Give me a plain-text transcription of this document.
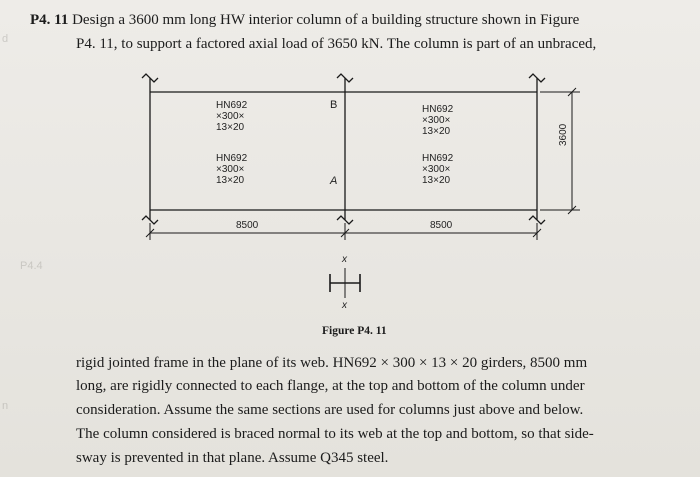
d
P4.4
n
P4. 11 Design a 3600 mm long HW interior column of a building structure shown in Figure
P4. 11, to support a factored axial load of 3650 kN. The column is part of an unbraced,
HN692
×300×
13×20
HN692
×300×
13×20
HN692
×300×
13×20
HN692
×300×
13×20
B
A
8500	8500
3600
x
x
Figure P4. 11
rigid jointed frame in the plane of its web. HN692 × 300 × 13 × 20 girders, 8500 mm
long, are rigidly connected to each flange, at the top and bottom of the column under
consideration. Assume the same sections are used for columns just above and below.
The column considered is braced normal to its web at the top and bottom, so that side-
sway is prevented in that plane. Assume Q345 steel.
